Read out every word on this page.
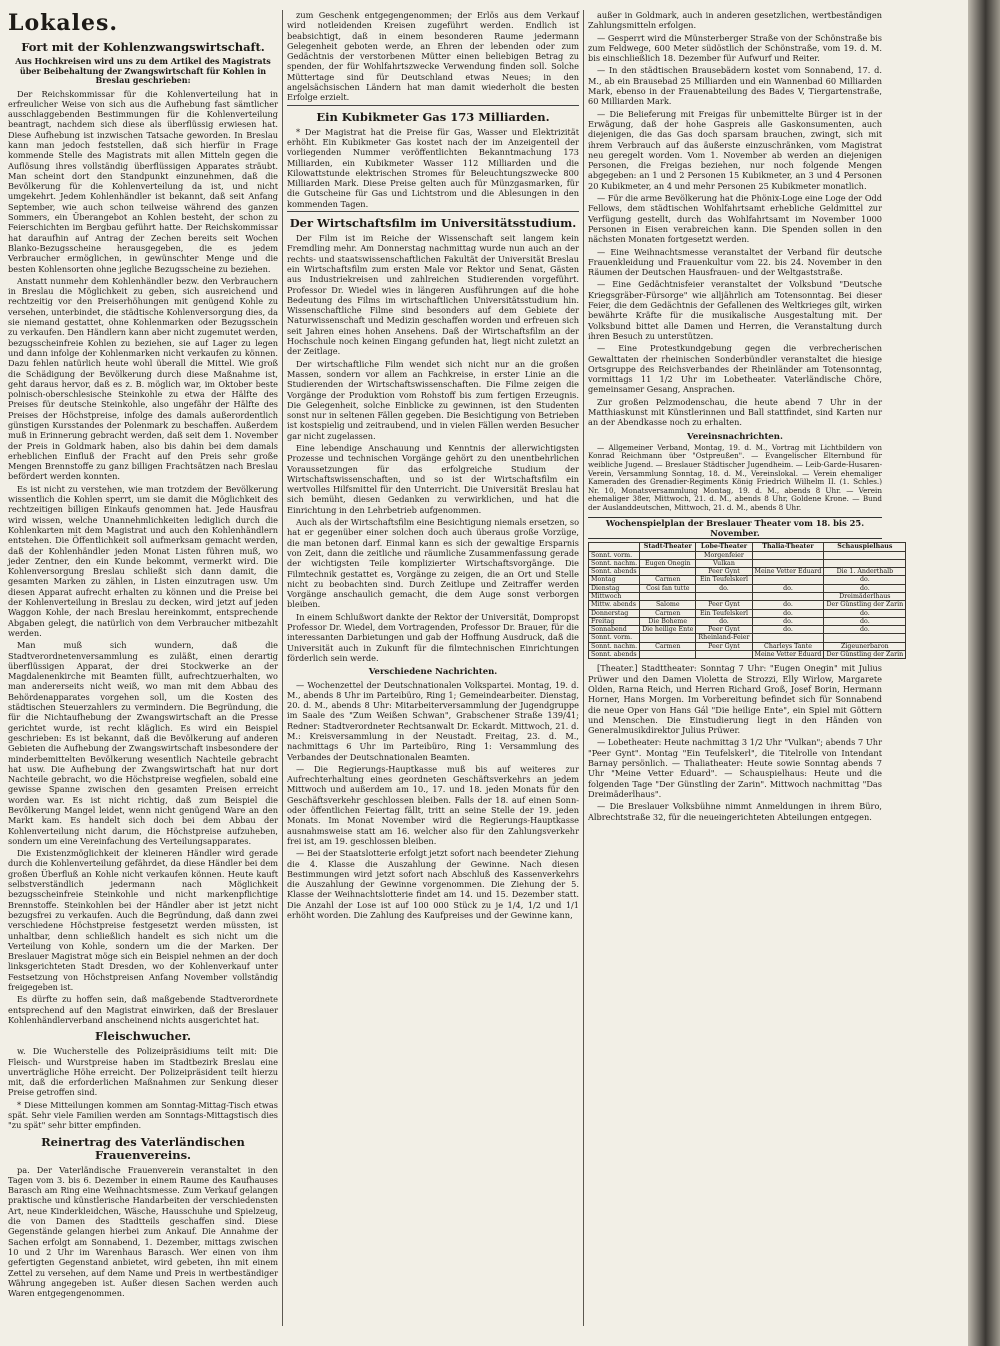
Lokales.
Fort mit der Kohlenzwangswirtschaft.
Aus Hochkreisen wird uns zu dem Artikel des Magistrats über Beibehaltung der Zwangswirtschaft für Kohlen in Breslau geschrieben:

Der Reichskommissar für die Kohlenverteilung hat in erfreulicher Weise von sich aus die Aufhebung fast sämtlicher ausschlaggebenden Bestimmungen für die Kohlenverteilung beantragt, nachdem sich diese als überflüssig erwiesen hat. Diese Aufhebung ist inzwischen Tatsache geworden. In Breslau kann man jedoch feststellen, daß sich hierfür in Frage kommende Stelle des Magistrats mit allen Mitteln gegen die Auflösung ihres vollständig überflüssigen Apparates sträubt. Man scheint dort den Standpunkt einzunehmen, daß die Bevölkerung für die Kohlenverteilung da ist, und nicht umgekehrt. Jedem Kohlenhändler ist bekannt, daß seit Anfang September, wie auch schon teilweise während des ganzen Sommers, ein Überangebot an Kohlen besteht, der schon zu Feierschichten im Bergbau geführt hatte. Der Reichskommissar hat daraufhin auf Antrag der Zechen bereits seit Wochen Blanko-Bezugsscheine herausgegeben, die es jedem Verbraucher ermöglichen, in gewünschter Menge und die besten Kohlensorten ohne jegliche Bezugsscheine zu beziehen.

Anstatt nunmehr dem Kohlenhändler bezw. den Verbrauchern in Breslau die Möglichkeit zu geben, sich ausreichend und rechtzeitig vor den Preiserhöhungen mit genügend Kohle zu versehen, unterbindet, die städtische Kohlenversorgung dies, da sie niemand gestattet, ohne Kohlenmarken oder Bezugsschein zu verkaufen. Den Händlern kann aber nicht zugemutet werden, bezugsscheinfreie Kohlen zu beziehen, sie auf Lager zu legen und dann infolge der Kohlenmarken nicht verkaufen zu können. Dazu fehlen natürlich heute wohl überall die Mittel. Wie groß die Schädigung der Bevölkerung durch diese Maßnahme ist, geht daraus hervor, daß es z. B. möglich war, im Oktober beste polnisch-oberschlesische Steinkohle zu etwa der Hälfte des Preises für deutsche Steinkohle, also ungefähr der Hälfte des Preises der Höchstpreise, infolge des damals außerordentlich günstigen Kursstandes der Polenmark zu beschaffen. Außerdem muß in Erinnerung gebracht werden, daß seit dem 1. November der Preis in Goldmark haben, also bis dahin bei dem damals erheblichen Einfluß der Fracht auf den Preis sehr große Mengen Brennstoffe zu ganz billigen Frachtsätzen nach Breslau befördert werden konnten.

Es ist nicht zu verstehen, wie man trotzdem der Bevölkerung wissentlich die Kohlen sperrt, um sie damit die Möglichkeit des rechtzeitigen billigen Einkaufs genommen hat. Jede Hausfrau wird wissen, welche Unannehmlichkeiten lediglich durch die Kohlenkarten mit dem Magistrat und auch den Kohlenhändlern entstehen. Die Öffentlichkeit soll aufmerksam gemacht werden, daß der Kohlenhändler jeden Monat Listen führen muß, wo jeder Zentner, den ein Kunde bekommt, vermerkt wird. Die Kohlenversorgung Breslau schließt sich dann damit, die gesamten Marken zu zählen, in Listen einzutragen usw. Um diesen Apparat aufrecht erhalten zu können und die Preise bei der Kohlenverteilung in Breslau zu decken, wird jetzt auf jeden Waggon Kohle, der nach Breslau hereinkommt, entsprechende Abgaben gelegt, die natürlich von dem Verbraucher mitbezahlt werden.

Man muß sich wundern, daß die Stadtverordnetenversammlung es zuläßt, einen derartig überflüssigen Apparat, der drei Stockwerke an der Magdalenenkirche mit Beamten füllt, aufrechtzuerhalten, wo man andererseits nicht weiß, wo man mit dem Abbau des Behördenapparates vorgehen soll, um die Kosten des städtischen Steuerzahlers zu vermindern. Die Begründung, die für die Nichtaufhebung der Zwangswirtschaft an die Presse gerichtet wurde, ist recht kläglich. Es wird ein Beispiel geschrieben: Es ist bekannt, daß die Bevölkerung auf anderen Gebieten die Aufhebung der Zwangswirtschaft insbesondere der minderbemittelten Bevölkerung wesentlich Nachteile gebracht hat usw. Die Aufhebung der Zwangswirtschaft hat nur dort Nachteile gebracht, wo die Höchstpreise wegfielen, sobald eine gewisse Spanne zwischen den gesamten Preisen erreicht worden war. Es ist nicht richtig, daß zum Beispiel die Bevölkerung Mangel leidet, wenn nicht genügend Ware an den Markt kam. Es handelt sich doch bei dem Abbau der Kohlenverteilung nicht darum, die Höchstpreise aufzuheben, sondern um eine Vereinfachung des Verteilungsapparates.

Die Existenzmöglichkeit der kleineren Händler wird gerade durch die Kohlenverteilung gefährdet, da diese Händler bei dem großen Überfluß an Kohle nicht verkaufen können. Heute kauft selbstverständlich jedermann nach Möglichkeit bezugsscheinfreie Steinkohle und nicht markenpflichtige Brennstoffe. Steinkohlen bei der Händler aber ist jetzt nicht bezugsfrei zu verkaufen. Auch die Begründung, daß dann zwei verschiedene Höchstpreise festgesetzt werden müssten, ist unhaltbar, denn schließlich handelt es sich nicht um die Verteilung von Kohle, sondern um die der Marken. Der Breslauer Magistrat möge sich ein Beispiel nehmen an der doch linksgerichteten Stadt Dresden, wo der Kohlenverkauf unter Festsetzung von Höchstpreisen Anfang November vollständig freigegeben ist.

Es dürfte zu hoffen sein, daß maßgebende Stadtverordnete entsprechend auf den Magistrat einwirken, daß der Breslauer Kohlenhändlerverband anscheinend nichts ausgerichtet hat.

Fleischwucher.

w. Die Wucherstelle des Polizeipräsidiums teilt mit: Die Fleisch- und Wurstpreise haben im Stadtbezirk Breslau eine unverträgliche Höhe erreicht. Der Polizeipräsident teilt hierzu mit, daß die erforderlichen Maßnahmen zur Senkung dieser Preise getroffen sind.

* Diese Mitteilungen kommen am Sonntag-Mittag-Tisch etwas spät. Sehr viele Familien werden am Sonntags-Mittagstisch dies "zu spät" sehr bitter empfinden.

Reinertrag des Vaterländischen Frauenvereins.

pa. Der Vaterländische Frauenverein veranstaltet in den Tagen vom 3. bis 6. Dezember in einem Raume des Kaufhauses Barasch am Ring eine Weihnachtsmesse. Zum Verkauf gelangen praktische und künstlerische Handarbeiten der verschiedensten Art, neue Kinderkleidchen, Wäsche, Hausschuhe und Spielzeug, die von Damen des Stadtteils geschaffen sind. Diese Gegenstände gelangen hierbei zum Ankauf. Die Annahme der Sachen erfolgt am Sonnabend, 1. Dezember, mittags zwischen 10 und 2 Uhr im Warenhaus Barasch. Wer einen von ihm gefertigten Gegenstand anbietet, wird gebeten, ihn mit einem Zettel zu versehen, auf dem Name und Preis in wertbeständiger Währung angegeben ist. Außer diesen Sachen werden auch Waren entgegengenommen.

zum Geschenk entgegengenommen; der Erlös aus dem Verkauf wird notleidenden Kreisen zugeführt werden. Endlich ist beabsichtigt, daß in einem besonderen Raume jedermann Gelegenheit geboten werde, an Ehren der lebenden oder zum Gedächtnis der verstorbenen Mütter einen beliebigen Betrag zu spenden, der für Wohlfahrtszwecke Verwendung finden soll. Solche Müttertage sind für Deutschland etwas Neues; in den angelsächsischen Ländern hat man damit wiederholt die besten Erfolge erzielt.

Ein Kubikmeter Gas 173 Milliarden.

* Der Magistrat hat die Preise für Gas, Wasser und Elektrizität erhöht. Ein Kubikmeter Gas kostet nach der im Anzeigenteil der vorliegenden Nummer veröffentlichten Bekanntmachung 173 Milliarden, ein Kubikmeter Wasser 112 Milliarden und die Kilowattstunde elektrischen Stromes für Beleuchtungszwecke 800 Milliarden Mark. Diese Preise gelten auch für Münzgasmarken, für die Gutscheine für Gas und Lichtstrom und die Ablesungen in den kommenden Tagen.

Der Wirtschaftsfilm im Universitätsstudium.

Der Film ist im Reiche der Wissenschaft seit langem kein Fremdling mehr. Am Donnerstag nachmittag wurde nun auch an der rechts- und staatswissenschaftlichen Fakultät der Universität Breslau ein Wirtschaftsfilm zum ersten Male vor Rektor und Senat, Gästen aus Industriekreisen und zahlreichen Studierenden vorgeführt. Professor Dr. Wiedel wies in längeren Ausführungen auf die hohe Bedeutung des Films im wirtschaftlichen Universitätsstudium hin. Wissenschaftliche Filme sind besonders auf dem Gebiete der Naturwissenschaft und Medizin geschaffen worden und erfreuen sich seit Jahren eines hohen Ansehens. Daß der Wirtschaftsfilm an der Hochschule noch keinen Eingang gefunden hat, liegt nicht zuletzt an der Zeitlage.

Der wirtschaftliche Film wendet sich nicht nur an die großen Massen, sondern vor allem an Fachkreise, in erster Linie an die Studierenden der Wirtschaftswissenschaften. Die Filme zeigen die Vorgänge der Produktion vom Rohstoff bis zum fertigen Erzeugnis. Die Gelegenheit, solche Einblicke zu gewinnen, ist den Studenten sonst nur in seltenen Fällen gegeben. Die Besichtigung von Betrieben ist kostspielig und zeitraubend, und in vielen Fällen werden Besucher gar nicht zugelassen.

Eine lebendige Anschauung und Kenntnis der allerwichtigsten Prozesse und technischen Vorgänge gehört zu den unentbehrlichen Voraussetzungen für das erfolgreiche Studium der Wirtschaftswissenschaften, und so ist der Wirtschaftsfilm ein wertvolles Hilfsmittel für den Unterricht. Die Universität Breslau hat sich bemüht, diesen Gedanken zu verwirklichen, und hat die Einrichtung in den Lehrbetrieb aufgenommen.

Auch als der Wirtschaftsfilm eine Besichtigung niemals ersetzen, so hat er gegenüber einer solchen doch auch überaus große Vorzüge, die man betonen darf. Einmal kann es sich der gewaltige Ersparnis von Zeit, dann die zeitliche und räumliche Zusammenfassung gerade der wichtigsten Teile komplizierter Wirtschaftsvorgänge. Die Filmtechnik gestattet es, Vorgänge zu zeigen, die an Ort und Stelle nicht zu beobachten sind. Durch Zeitlupe und Zeitraffer werden Vorgänge anschaulich gemacht, die dem Auge sonst verborgen bleiben.

In einem Schlußwort dankte der Rektor der Universität, Dompropst Professor Dr. Wiedel, dem Vortragenden, Professor Dr. Brauer, für die interessanten Darbietungen und gab der Hoffnung Ausdruck, daß die Universität auch in Zukunft für die filmtechnischen Einrichtungen förderlich sein werde.

Verschiedene Nachrichten.

— Wochenzettel der Deutschnationalen Volkspartei. Montag, 19. d. M., abends 8 Uhr im Parteibüro, Ring 1; Gemeindearbeiter. Dienstag, 20. d. M., abends 8 Uhr: Mitarbeiterversammlung der Jugendgruppe im Saale des "Zum Weißen Schwan", Grabschener Straße 139/41; Redner: Stadtverordneter Rechtsanwalt Dr. Eckardt. Mittwoch, 21. d. M.: Kreisversammlung in der Neustadt. Freitag, 23. d. M., nachmittags 6 Uhr im Parteibüro, Ring 1: Versammlung des Verbandes der Deutschnationalen Beamten.

— Die Regierungs-Hauptkasse muß bis auf weiteres zur Aufrechterhaltung eines geordneten Geschäftsverkehrs an jedem Mittwoch und außerdem am 10., 17. und 18. jeden Monats für den Geschäftsverkehr geschlossen bleiben. Falls der 18. auf einen Sonn- oder öffentlichen Feiertag fällt, tritt an seine Stelle der 19. jeden Monats. Im Monat November wird die Regierungs-Hauptkasse ausnahmsweise statt am 16. welcher also für den Zahlungsverkehr frei ist, am 19. geschlossen bleiben.

— Bei der Staatslotterie erfolgt jetzt sofort nach beendeter Ziehung die 4. Klasse die Auszahlung der Gewinne. Nach diesen Bestimmungen wird jetzt sofort nach Abschluß des Kassenverkehrs die Auszahlung der Gewinne vorgenommen. Die Ziehung der 5. Klasse der Weihnachtslotterie findet am 14. und 15. Dezember statt. Die Anzahl der Lose ist auf 100 000 Stück zu je 1/4, 1/2 und 1/1 erhöht worden. Die Zahlung des Kaufpreises und der Gewinne kann,

außer in Goldmark, auch in anderen gesetzlichen, wertbeständigen Zahlungsmitteln erfolgen.

— Gesperrt wird die Münsterberger Straße von der Schönstraße bis zum Feldwege, 600 Meter südöstlich der Schönstraße, vom 19. d. M. bis einschließlich 18. Dezember für Aufwurf und Reiter.

— In den städtischen Brausebädern kostet vom Sonnabend, 17. d. M., ab ein Brausebad 25 Milliarden und ein Wannenbad 60 Milliarden Mark, ebenso in der Frauenabteilung des Bades V, Tiergartenstraße, 60 Milliarden Mark.

— Die Belieferung mit Freigas für unbemittelte Bürger ist in der Erwägung, daß der hohe Gaspreis alle Gaskonsumenten, auch diejenigen, die das Gas doch sparsam brauchen, zwingt, sich mit ihrem Verbrauch auf das äußerste einzuschränken, vom Magistrat neu geregelt worden. Vom 1. November ab werden an diejenigen Personen, die Freigas beziehen, nur noch folgende Mengen abgegeben: an 1 und 2 Personen 15 Kubikmeter, an 3 und 4 Personen 20 Kubikmeter, an 4 und mehr Personen 25 Kubikmeter monatlich.

— Für die arme Bevölkerung hat die Phönix-Loge eine Loge der Odd Fellows, dem städtischen Wohlfahrtsamt erhebliche Geldmittel zur Verfügung gestellt, durch das Wohlfahrtsamt im November 1000 Personen in Eisen verabreichen kann. Die Spenden sollen in den nächsten Monaten fortgesetzt werden.

— Eine Weihnachtsmesse veranstaltet der Verband für deutsche Frauenkleidung und Frauenkultur vom 22. bis 24. November in den Räumen der Deutschen Hausfrauen- und der Weltgaststraße.

— Eine Gedächtnisfeier veranstaltet der Volksbund "Deutsche Kriegsgräber-Fürsorge" wie alljährlich am Totensonntag. Bei dieser Feier, die dem Gedächtnis der Gefallenen des Weltkrieges gilt, wirken bewährte Kräfte für die musikalische Ausgestaltung mit. Der Volksbund bittet alle Damen und Herren, die Veranstaltung durch ihren Besuch zu unterstützen.

— Eine Protestkundgebung gegen die verbrecherischen Gewalttaten der rheinischen Sonderbündler veranstaltet die hiesige Ortsgruppe des Reichsverbandes der Rheinländer am Totensonntag, vormittags 11 1/2 Uhr im Lobetheater. Vaterländische Chöre, gemeinsamer Gesang, Ansprachen.

Zur großen Pelzmodenschau, die heute abend 7 Uhr in der Matthiaskunst mit Künstlerinnen und Ball stattfindet, sind Karten nur an der Abendkasse noch zu erhalten.

Vereinsnachrichten.

— Allgemeiner Verband, Montag, 19. d. M., Vortrag mit Lichtbildern von Konrad Reichmann über "Ostpreußen". — Evangelischer Elternbund für weibliche Jugend. — Breslauer Städtischer Jugendheim. — Leib-Garde-Husaren-Verein, Versammlung Sonntag, 18. d. M., Vereinslokal. — Verein ehemaliger Kameraden des Grenadier-Regiments König Friedrich Wilhelm II. (1. Schles.) Nr. 10, Monatsversammlung Montag, 19. d. M., abends 8 Uhr. — Verein ehemaliger 38er, Mittwoch, 21. d. M., abends 8 Uhr, Goldene Krone. — Bund der Auslanddeutschen, Mittwoch, 21. d. M., abends 8 Uhr.

Wochenspielplan der Breslauer Theater vom 18. bis 25. November.
	Stadt-Theater	Lobe-Theater	Thalia-Theater	Schauspielhaus
Sonnt. vorm.		Morgenfeier		
Sonnt. nachm.	Eugen Onegin	Vulkan		
Sonnt. abends		Peer Gynt	Meine Vetter Eduard	Die 1. Anderthalb
Montag	Carmen	Ein Teufelskerl		do.
Dienstag	Cosi fan tutte	do.	do.	do.
Mittwoch				Dreimäderlhaus
Mittw. abends	Salome	Peer Gynt	do.	Der Günstling der Zarin
Donnerstag	Carmen	Ein Teufelskerl	do.	do.
Freitag	Die Boheme	do.	do.	do.
Sonnabend	Die heilige Ente	Peer Gynt	do.	do.
Sonnt. vorm.		Rheinland-Feier		
Sonnt. nachm.	Carmen	Peer Gynt	Charleys Tante	Zigeunerbaron
Sonnt. abends			Meine Vetter Eduard	Der Günstling der Zarin

[Theater.] Stadttheater: Sonntag 7 Uhr: "Eugen Onegin" mit Julius Prüwer und den Damen Violetta de Strozzi, Elly Wirlow, Margarete Olden, Rarna Reich, und Herren Richard Groß, Josef Borin, Hermann Horner, Hans Morgen. Im Vorbereitung befindet sich für Sonnabend die neue Oper von Hans Gál "Die heilige Ente", ein Spiel mit Göttern und Menschen. Die Einstudierung liegt in den Händen von Generalmusikdirektor Julius Prüwer.

— Lobetheater: Heute nachmittag 3 1/2 Uhr "Vulkan"; abends 7 Uhr "Peer Gynt". Montag "Ein Teufelskerl", die Titelrolle von Intendant Barnay persönlich. — Thaliatheater: Heute sowie Sonntag abends 7 Uhr "Meine Vetter Eduard". — Schauspielhaus: Heute und die folgenden Tage "Der Günstling der Zarin". Mittwoch nachmittag "Das Dreimäderlhaus".

— Die Breslauer Volksbühne nimmt Anmeldungen in ihrem Büro, Albrechtstraße 32, für die neueingerichteten Abteilungen entgegen.
